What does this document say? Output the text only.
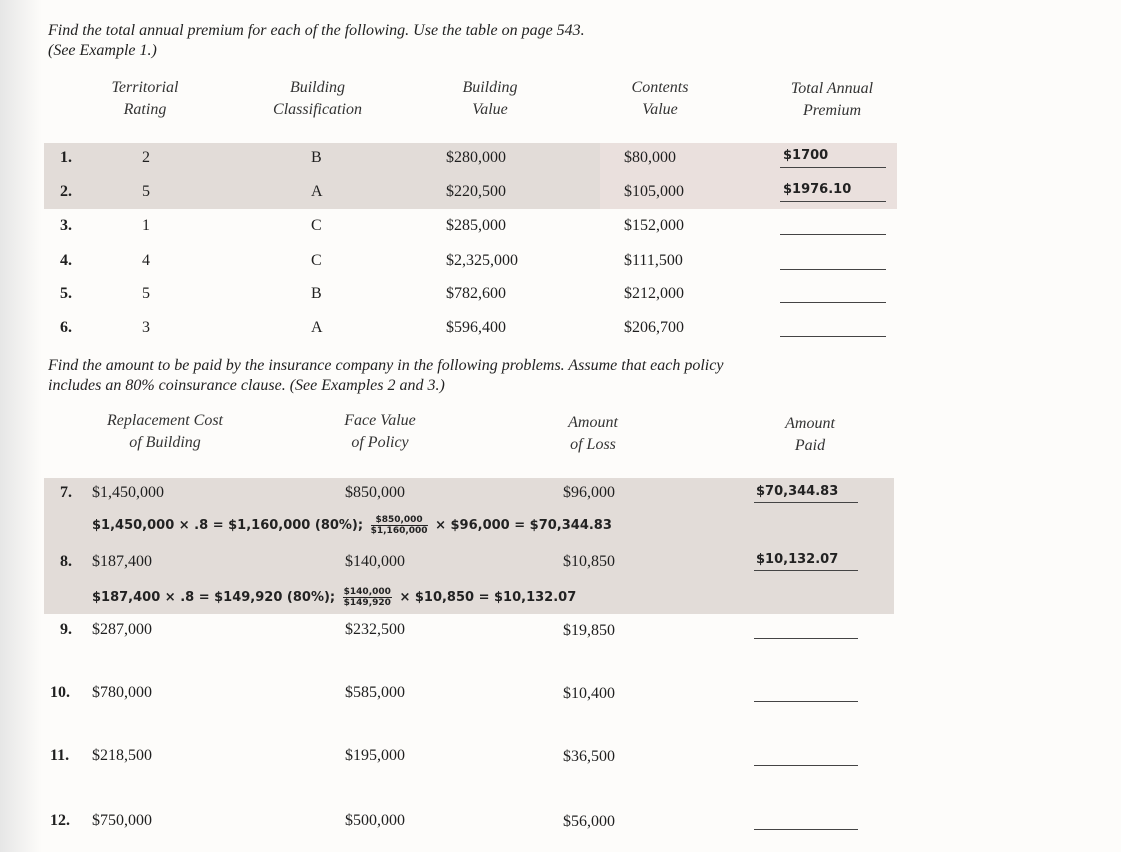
Find the total annual premium for each of the following. Use the table on page 543.
(See Example 1.)
Territorial
Rating
Building
Classification
Building
Value
Contents
Value
Total Annual
Premium
1.	2	B	$280,000	$80,000	$1700
2.	5	A	$220,500	$105,000	$1976.10
3.	1	C	$285,000	$152,000
4.	4	C	$2,325,000	$111,500
5.	5	B	$782,600	$212,000
6.	3	A	$596,400	$206,700
Find the amount to be paid by the insurance company in the following problems. Assume that each policy
includes an 80% coinsurance clause. (See Examples 2 and 3.)
Replacement Cost
of Building
Face Value
of Policy
Amount
of Loss
Amount
Paid
7. $1,450,000	$850,000	$96,000	$70,344.83
$1,450,000 × .8 = $1,160,000 (80%); $\frac{\$850,000}{\$1,160,000}$ × $96,000 = $70,344.83
8. $187,400	$140,000	$10,850	$10,132.07
$187,400 × .8 = $149,920 (80%); $\frac{\$140,000}{\$149,920}$ × $10,850 = $10,132.07
9. $287,000	$232,500	$19,850
10. $780,000	$585,000	$10,400
11. $218,500	$195,000	$36,500
12. $750,000	$500,000	$56,000
